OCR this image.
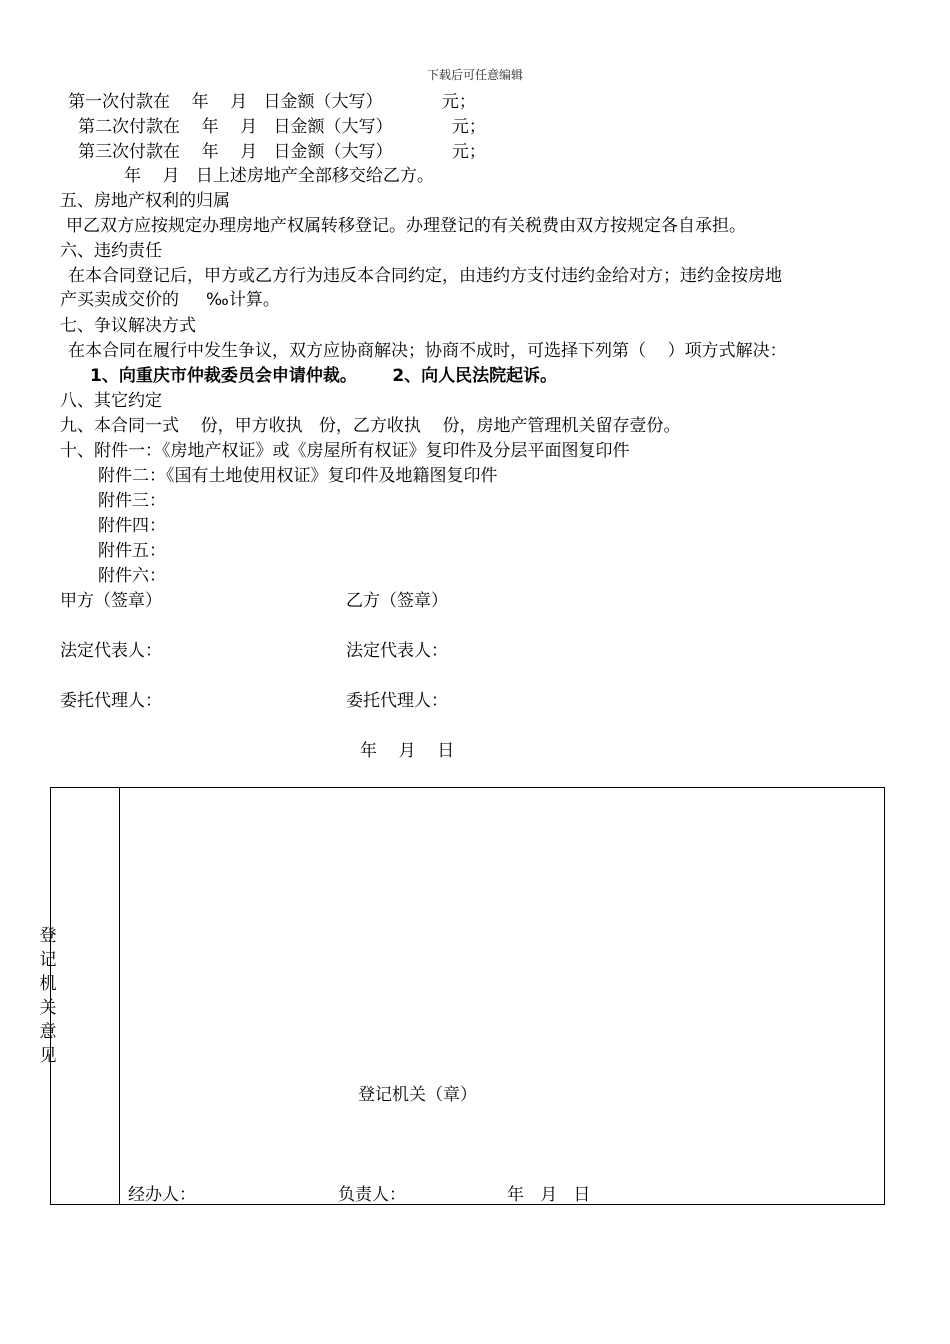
下载后可任意编辑
第一次付款在    年    月   日金额（大写）           元；
第二次付款在    年    月   日金额（大写）           元；
第三次付款在    年    月   日金额（大写）           元；
年    月   日上述房地产全部移交给乙方。
五、房地产权利的归属
甲乙双方应按规定办理房地产权属转移登记。办理登记的有关税费由双方按规定各自承担。
六、违约责任
在本合同登记后，甲方或乙方行为违反本合同约定，由违约方支付违约金给对方；违约金按房地
产买卖成交价的     ‰计算。
七、争议解决方式
在本合同在履行中发生争议，双方应协商解决；协商不成时，可选择下列第（    ）项方式解决：
1、向重庆市仲裁委员会申请仲裁。      2、向人民法院起诉。
八、其它约定
九、本合同一式    份，甲方收执   份，乙方收执    份，房地产管理机关留存壹份。
十、附件一：《房地产权证》或《房屋所有权证》复印件及分层平面图复印件
附件二：《国有土地使用权证》复印件及地籍图复印件
附件三：
附件四：
附件五：
附件六：
甲方（签章）	乙方（签章）
法定代表人：	法定代表人：
委托代理人：	委托代理人：
年    月    日
登
记
机
关
意
见
登记机关（章）
经办人：	负责人：	年   月   日
